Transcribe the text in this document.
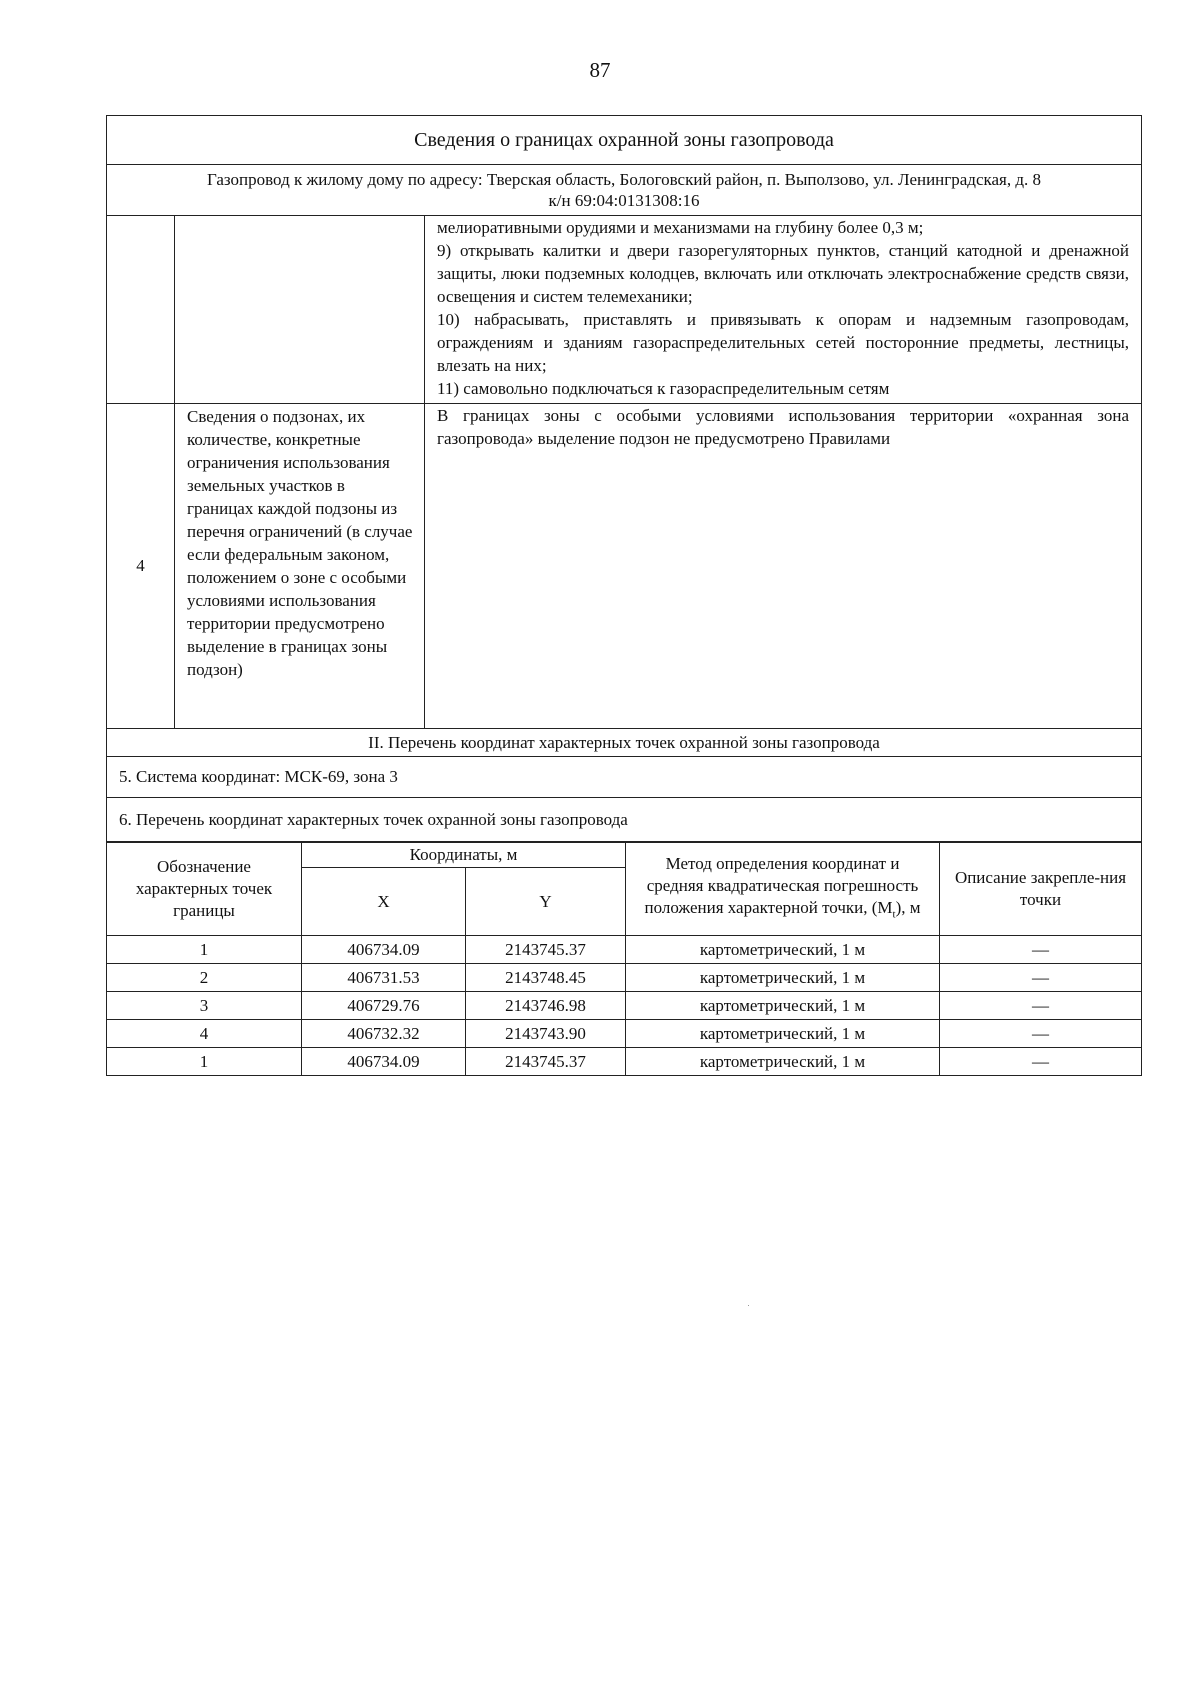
87
Сведения о границах охранной зоны газопровода		

Газопровод к жилому дому по адресу: Тверская область, Бологовский район, п. Выползово, ул. Ленинградская, д. 8
к/н 69:04:0131308:16		

		мелиоративными орудиями и механизмами на глубину более 0,3 м;
9) открывать калитки и двери газорегуляторных пунктов, станций катодной и дренажной защиты, люки подземных колодцев, включать или отключать электроснабжение средств связи, освещения и систем телемеханики;
10) набрасывать, приставлять и привязывать к опорам и надземным газопроводам, ограждениям и зданиям газораспределительных сетей посторонние предметы, лестницы, влезать на них;
11) самовольно подключаться к газораспределительным сетям

4	Сведения о подзонах, их количестве, конкретные ограничения использования земельных участков в границах каждой подзоны из перечня ограничений (в случае если федеральным законом, положением о зоне с особыми условиями использования территории предусмотрено выделение в границах зоны подзон)	В границах зоны с особыми условиями использования территории «охранная зона газопровода» выделение подзон не предусмотрено Правилами
II. Перечень координат характерных точек охранной зоны газопровода		
5. Система координат: МСК-69, зона 3		
6. Перечень координат характерных точек охранной зоны газопровода		
Обозначение характерных точек границы	Координаты, м		Метод определения координат и средняя квадратическая погрешность положения характерной точки, $(M_t)$, м	Описание закрепле-ния точки
	X	Y		
1	406734.09	2143745.37	картометрический, 1 м	—
2	406731.53	2143748.45	картометрический, 1 м	—
3	406729.76	2143746.98	картометрический, 1 м	—
4	406732.32	2143743.90	картометрический, 1 м	—
1	406734.09	2143745.37	картометрический, 1 м	—
